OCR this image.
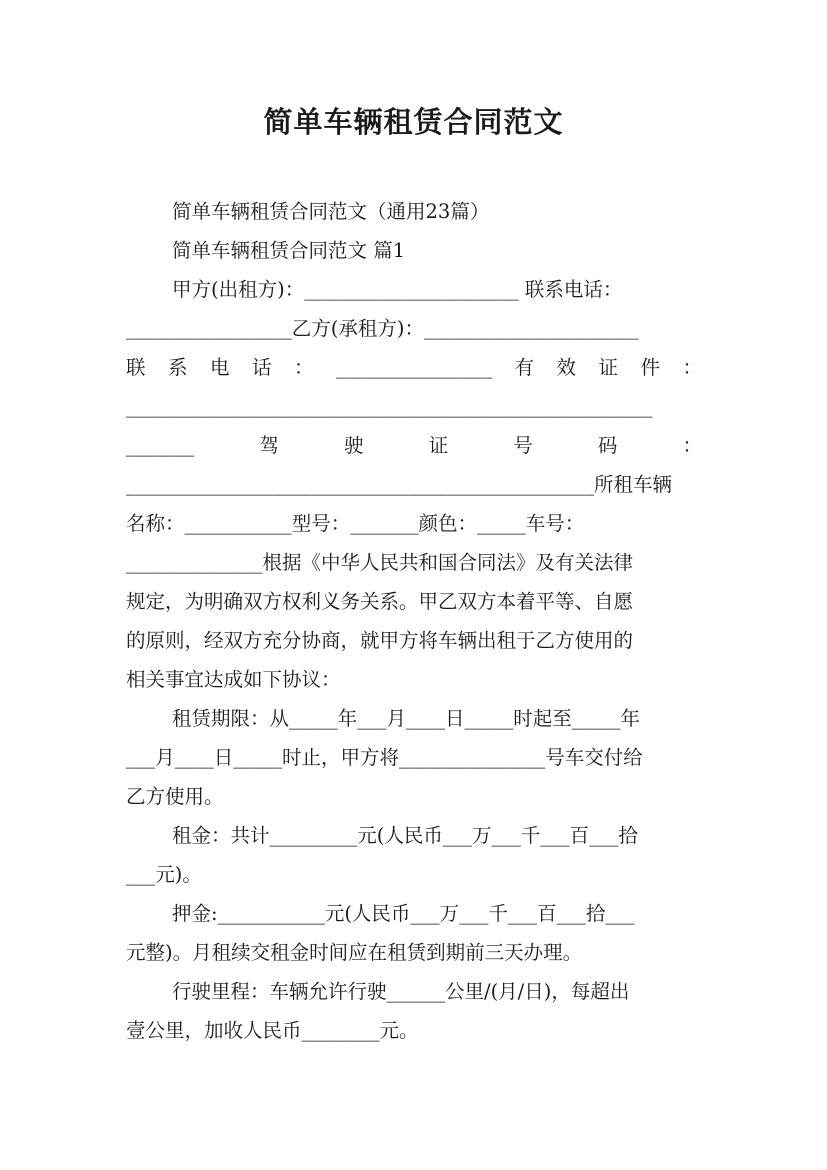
简单车辆租赁合同范文
简单车辆租赁合同范文（通用23篇）
简单车辆租赁合同范文 篇1
甲方(出租方)：______________________ 联系电话：
_________________乙方(承租方)：______________________
联 系 电 话 ： ________________ 有 效 证 件 ：
______________________________________________________
_______	驾	驶	证	号	码	：
________________________________________________所租车辆
名称：___________型号：_______颜色：_____车号：
______________根据《中华人民共和国合同法》及有关法律
规定，为明确双方权利义务关系。甲乙双方本着平等、自愿
的原则，经双方充分协商，就甲方将车辆出租于乙方使用的
相关事宜达成如下协议：
租赁期限：从_____年___月____日_____时起至_____年
___月____日_____时止，甲方将_______________号车交付给
乙方使用。
租金：共计_________元(人民币___万___千___百___拾
___元)。
押金:___________元(人民币___万___千___百___拾___
元整)。月租续交租金时间应在租赁到期前三天办理。
行驶里程：车辆允许行驶______公里/(月/日)，每超出
壹公里，加收人民币________元。
